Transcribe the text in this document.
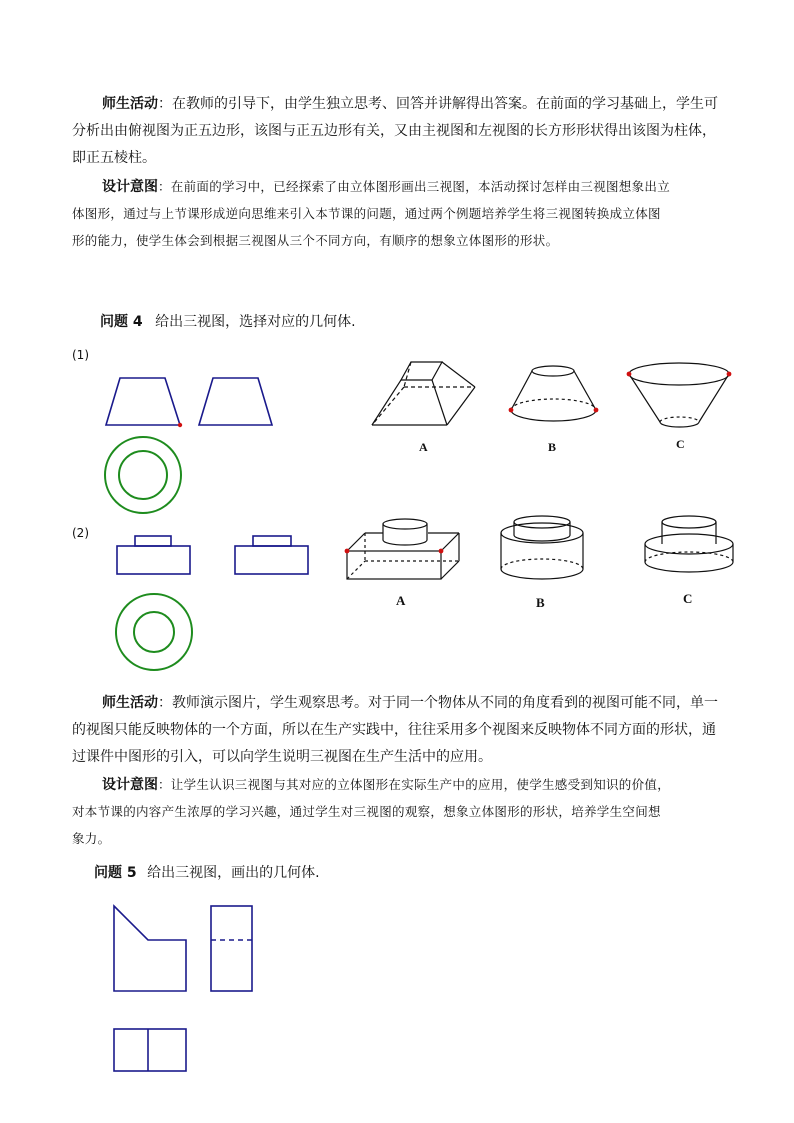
师生活动：在教师的引导下，由学生独立思考、回答并讲解得出答案。在前面的学习基础上，学生可
分析出由俯视图为正五边形，该图与正五边形有关，又由主视图和左视图的长方形形状得出该图为柱体，
即正五棱柱。
设计意图：在前面的学习中，已经探索了由立体图形画出三视图，本活动探讨怎样由三视图想象出立
体图形，通过与上节课形成逆向思维来引入本节课的问题，通过两个例题培养学生将三视图转换成立体图
形的能力，使学生体会到根据三视图从三个不同方向，有顺序的想象立体图形的形状。
问题 4 给出三视图，选择对应的几何体.
(1)
(2)
A	B	C
A	B	C
师生活动：教师演示图片，学生观察思考。对于同一个物体从不同的角度看到的视图可能不同，单一
的视图只能反映物体的一个方面，所以在生产实践中，往往采用多个视图来反映物体不同方面的形状，通
过课件中图形的引入，可以向学生说明三视图在生产生活中的应用。
设计意图：让学生认识三视图与其对应的立体图形在实际生产中的应用，使学生感受到知识的价值，
对本节课的内容产生浓厚的学习兴趣，通过学生对三视图的观察，想象立体图形的形状，培养学生空间想
象力。
问题 5 给出三视图，画出的几何体.
